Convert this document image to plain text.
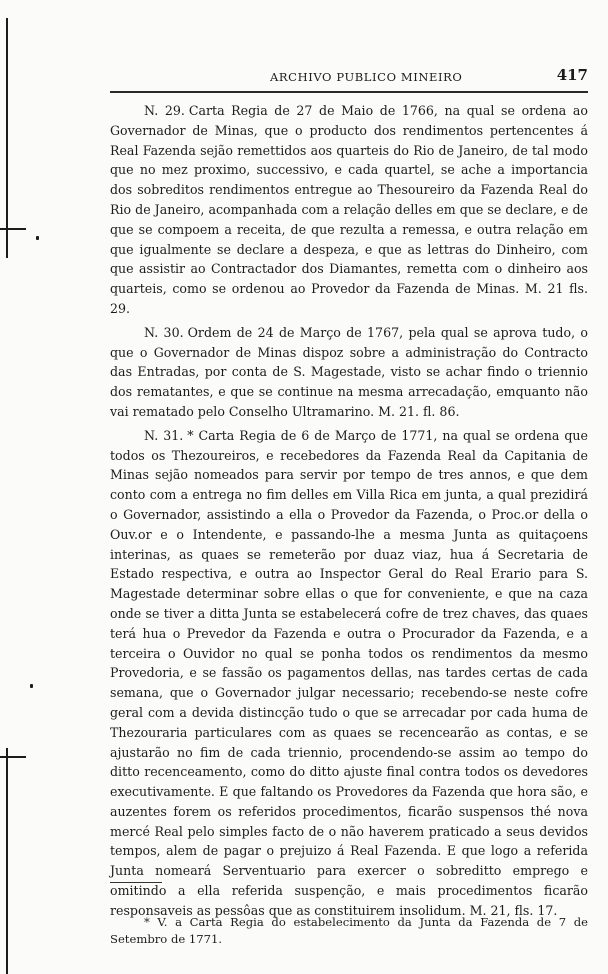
ARCHIVO PUBLICO MINEIRO	417

N. 29. Carta Regia de 27 de Maio de 1766, na qual se ordena ao Governador de Minas, que o producto dos rendimentos pertencentes á Real Fazenda sejão remettidos aos quarteis do Rio de Janeiro, de tal modo que no mez proximo, successivo, e cada quartel, se ache a importancia dos sobreditos rendimentos entregue ao Thesoureiro da Fazenda Real do Rio de Janeiro, acompanhada com a relação delles em que se declare, e de que se compoem a receita, de que rezulta a remessa, e outra relação em que igualmente se declare a despeza, e que as lettras do Dinheiro, com que assistir ao Contractador dos Diamantes, remetta com o dinheiro aos quarteis, como se ordenou ao Provedor da Fazenda de Minas. M. 21 fls. 29.

N. 30. Ordem de 24 de Março de 1767, pela qual se aprova tudo, o que o Governador de Minas dispoz sobre a administração do Contracto das Entradas, por conta de S. Magestade, visto se achar findo o triennio dos rematantes, e que se continue na mesma arrecadação, emquanto não vai rematado pelo Conselho Ultramarino. M. 21. fl. 86.

N. 31. * Carta Regia de 6 de Março de 1771, na qual se ordena que todos os Thezoureiros, e recebedores da Fazenda Real da Capitania de Minas sejão nomeados para servir por tempo de tres annos, e que dem conto com a entrega no fim delles em Villa Rica em junta, a qual prezidirá o Governador, assistindo a ella o Provedor da Fazenda, o Proc.or della o Ouv.or e o Intendente, e passando-lhe a mesma Junta as quitaçoens interinas, as quaes se remeterão por duaz viaz, hua á Secretaria de Estado respectiva, e outra ao Inspector Geral do Real Erario para S. Magestade determinar sobre ellas o que for conveniente, e que na caza onde se tiver a ditta Junta se estabelecerá cofre de trez chaves, das quaes terá hua o Prevedor da Fazenda e outra o Procurador da Fazenda, e a terceira o Ouvidor no qual se ponha todos os rendimentos da mesmo Provedoria, e se fassão os pagamentos dellas, nas tardes certas de cada semana, que o Governador julgar necessario; recebendo-se neste cofre geral com a devida distincção tudo o que se arrecadar por cada huma de Thezouraria particulares com as quaes se recencearão as contas, e se ajustarão no fim de cada triennio, procendendo-se assim ao tempo do ditto recenceamento, como do ditto ajuste final contra todos os devedores executivamente. E que faltando os Provedores da Fazenda que hora são, e auzentes forem os referidos procedimentos, ficarão suspensos thé nova mercé Real pelo simples facto de o não haverem praticado a seus devidos tempos, alem de pagar o prejuizo á Real Fazenda. E que logo a referida Junta nomeará Serventuario para exercer o sobreditto emprego e omitindo a ella referida suspenção, e mais procedimentos ficarão responsaveis as pessôas que as constituirem insolidum. M. 21, fls. 17.

* V. a Carta Regia do estabelecimento da Junta da Fazenda de 7 de Setembro de 1771.
